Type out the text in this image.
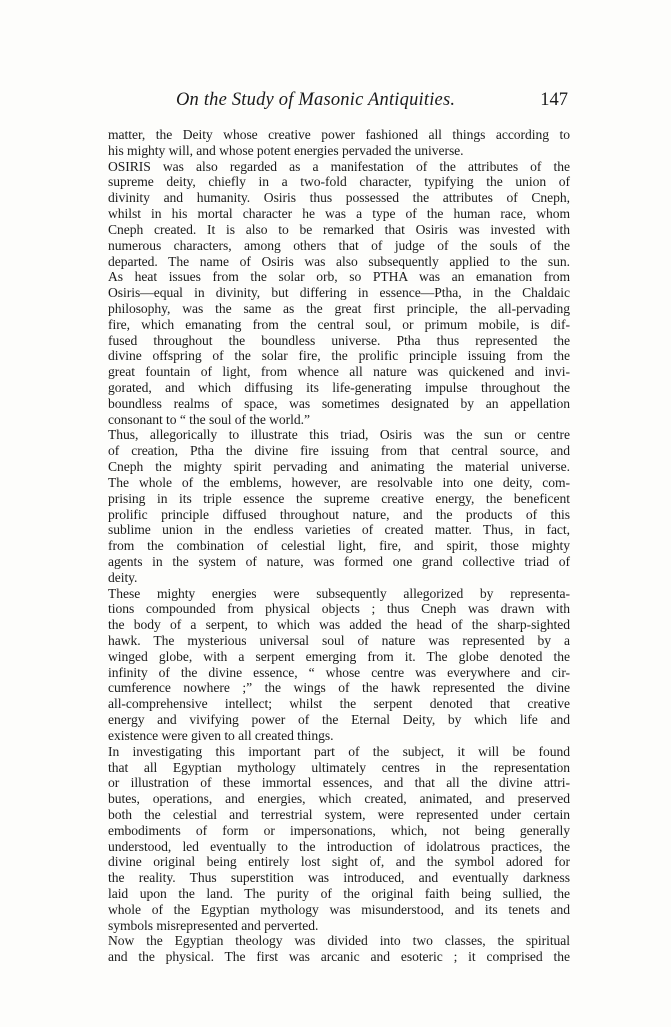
On the Study of Masonic Antiquities.	147
matter, the Deity whose creative power fashioned all things according to
his mighty will, and whose potent energies pervaded the universe.
OSIRIS was also regarded as a manifestation of the attributes of the
supreme deity, chiefly in a two-fold character, typifying the union of
divinity and humanity. Osiris thus possessed the attributes of Cneph,
whilst in his mortal character he was a type of the human race, whom
Cneph created. It is also to be remarked that Osiris was invested with
numerous characters, among others that of judge of the souls of the
departed. The name of Osiris was also subsequently applied to the sun.
As heat issues from the solar orb, so PTHA was an emanation from
Osiris—equal in divinity, but differing in essence—Ptha, in the Chaldaic
philosophy, was the same as the great first principle, the all-pervading
fire, which emanating from the central soul, or primum mobile, is dif-
fused throughout the boundless universe. Ptha thus represented the
divine offspring of the solar fire, the prolific principle issuing from the
great fountain of light, from whence all nature was quickened and invi-
gorated, and which diffusing its life-generating impulse throughout the
boundless realms of space, was sometimes designated by an appellation
consonant to “ the soul of the world.”
Thus, allegorically to illustrate this triad, Osiris was the sun or centre
of creation, Ptha the divine fire issuing from that central source, and
Cneph the mighty spirit pervading and animating the material universe.
The whole of the emblems, however, are resolvable into one deity, com-
prising in its triple essence the supreme creative energy, the beneficent
prolific principle diffused throughout nature, and the products of this
sublime union in the endless varieties of created matter. Thus, in fact,
from the combination of celestial light, fire, and spirit, those mighty
agents in the system of nature, was formed one grand collective triad of
deity.
These mighty energies were subsequently allegorized by representa-
tions compounded from physical objects ; thus Cneph was drawn with
the body of a serpent, to which was added the head of the sharp-sighted
hawk. The mysterious universal soul of nature was represented by a
winged globe, with a serpent emerging from it. The globe denoted the
infinity of the divine essence, “ whose centre was everywhere and cir-
cumference nowhere ;” the wings of the hawk represented the divine
all-comprehensive intellect; whilst the serpent denoted that creative
energy and vivifying power of the Eternal Deity, by which life and
existence were given to all created things.
In investigating this important part of the subject, it will be found
that all Egyptian mythology ultimately centres in the representation
or illustration of these immortal essences, and that all the divine attri-
butes, operations, and energies, which created, animated, and preserved
both the celestial and terrestrial system, were represented under certain
embodiments of form or impersonations, which, not being generally
understood, led eventually to the introduction of idolatrous practices, the
divine original being entirely lost sight of, and the symbol adored for
the reality. Thus superstition was introduced, and eventually darkness
laid upon the land. The purity of the original faith being sullied, the
whole of the Egyptian mythology was misunderstood, and its tenets and
symbols misrepresented and perverted.
Now the Egyptian theology was divided into two classes, the spiritual
and the physical. The first was arcanic and esoteric ; it comprised the
